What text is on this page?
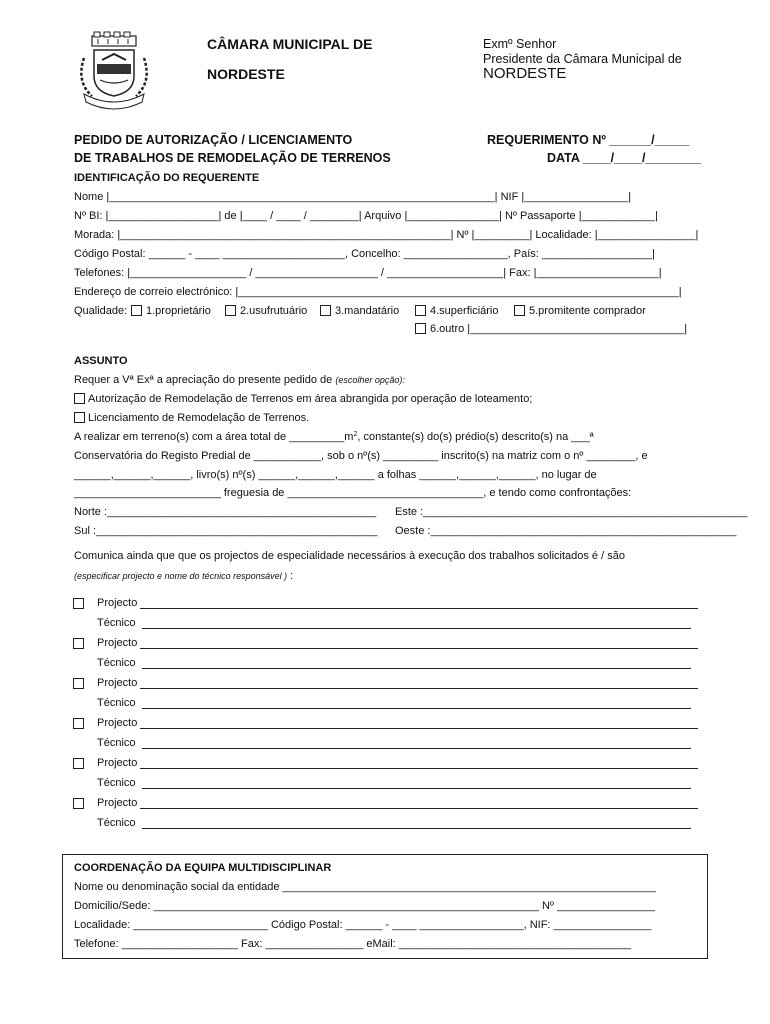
CÂMARA MUNICIPAL DE
NORDESTE
Exmº Senhor
Presidente da Câmara Municipal de
NORDESTE
PEDIDO DE AUTORIZAÇÃO / LICENCIAMENTO
DE TRABALHOS DE REMODELAÇÃO DE TERRENOS
REQUERIMENTO Nº ______/_____
DATA ____/____/________
IDENTIFICAÇÃO DO REQUERENTE
Nome |_______________________________________________________________| NIF |_________________|
Nº BI: |__________________| de |____ / ____ / ________| Arquivo |_______________| Nº Passaporte |____________|
Morada: |______________________________________________________| Nº |_________| Localidade: |________________|
Código Postal: ______ - ____ ____________________, Concelho: _________________, País: __________________|
Telefones: |___________________ / ____________________ / ___________________| Fax: |____________________|
Endereço de correio electrónico: |________________________________________________________________________|
Qualidade: 1.proprietário	2.usufrutuário	3.mandatário	4.superficiário	5.promitente comprador
6.outro |___________________________________|
ASSUNTO
Requer a Vª Exª a apreciação do presente pedido de (escolher opção):
Autorização de Remodelação de Terrenos em área abrangida por operação de loteamento;
Licenciamento de Remodelação de Terrenos.
A realizar em terreno(s) com a área total de $\_\_\_\_\_\_\_\_\_m^2$, constante(s) do(s) prédio(s) descrito(s) na ___ª
Conservatória do Registo Predial de ___________, sob o nº(s) _________ inscrito(s) na matriz com o nº ________, e
______,______,______, livro(s) nº(s) ______,______,______ a folhas ______,______,______, no lugar de
________________________ freguesia de ________________________________, e tendo como confrontações:
Norte :____________________________________________ Este :_____________________________________________________
Sul :______________________________________________ Oeste :__________________________________________________
Comunica ainda que que os projectos de especialidade necessários à execução dos trabalhos solicitados é / são
(especificar projecto e nome do técnico responsável ) :
Projecto
Técnico
Projecto
Técnico
Projecto
Técnico
Projecto
Técnico
Projecto
Técnico
Projecto
Técnico
COORDENAÇÃO DA EQUIPA MULTIDISCIPLINAR
Nome ou denominação social da entidade _____________________________________________________________
Domicilio/Sede: _______________________________________________________________ Nº ________________
Localidade: ______________________ Código Postal: ______ - ____ _________________, NIF: ________________
Telefone: ___________________ Fax: ________________ eMail: ______________________________________
